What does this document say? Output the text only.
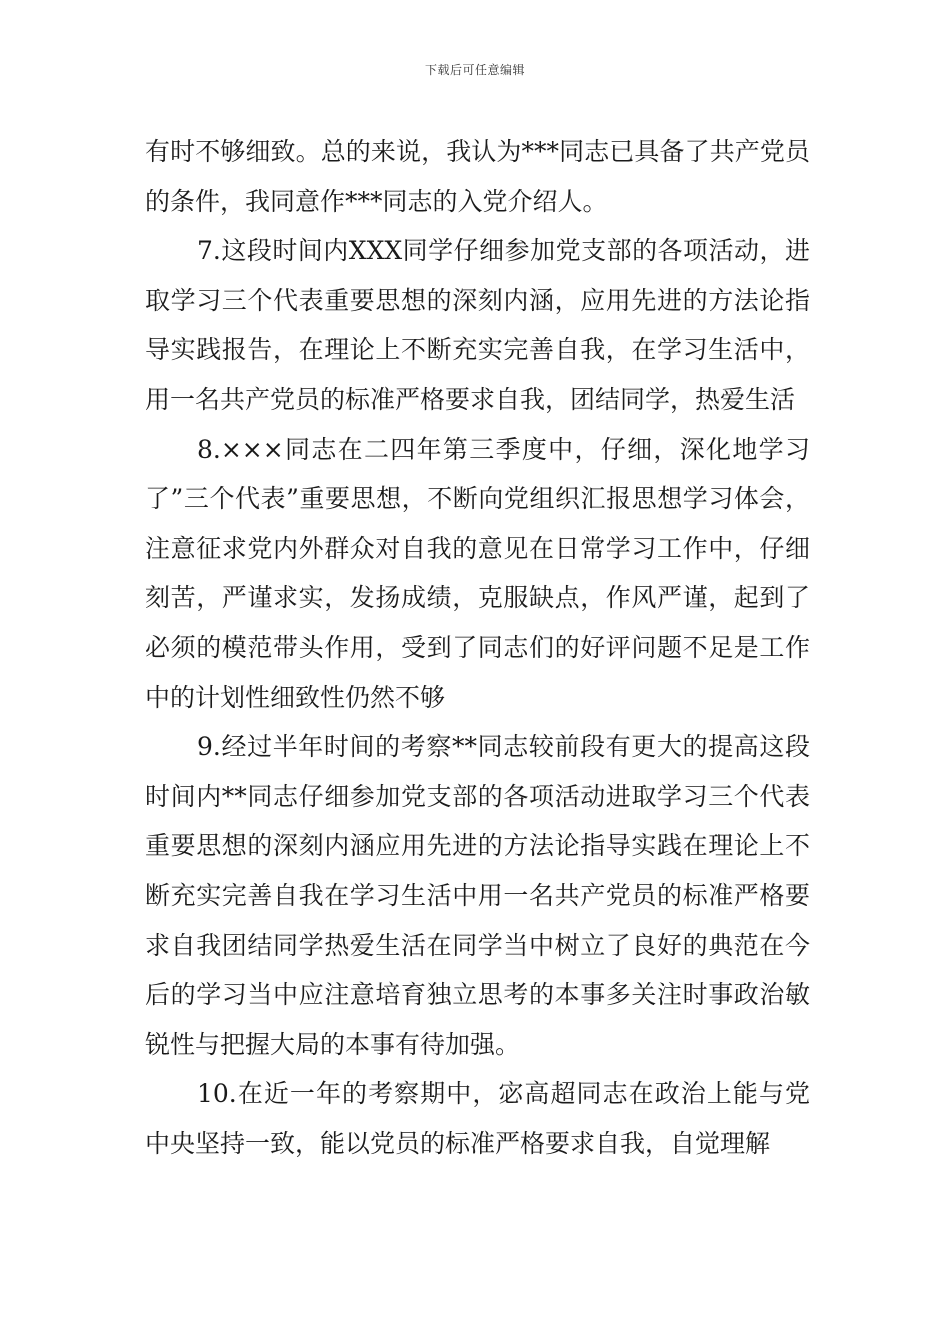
下载后可任意编辑

有时不够细致。总的来说，我认为***同志已具备了共产党员的条件，我同意作***同志的入党介绍人。

7.这段时间内XXX同学仔细参加党支部的各项活动，进取学习三个代表重要思想的深刻内涵，应用先进的方法论指导实践报告，在理论上不断充实完善自我，在学习生活中，用一名共产党员的标准严格要求自我，团结同学，热爱生活

8.×××同志在二四年第三季度中，仔细，深化地学习了”三个代表”重要思想，不断向党组织汇报思想学习体会，注意征求党内外群众对自我的意见在日常学习工作中，仔细刻苦，严谨求实，发扬成绩，克服缺点，作风严谨，起到了必须的模范带头作用，受到了同志们的好评问题不足是工作中的计划性细致性仍然不够

9.经过半年时间的考察**同志较前段有更大的提高这段时间内**同志仔细参加党支部的各项活动进取学习三个代表重要思想的深刻内涵应用先进的方法论指导实践在理论上不断充实完善自我在学习生活中用一名共产党员的标准严格要求自我团结同学热爱生活在同学当中树立了良好的典范在今后的学习当中应注意培育独立思考的本事多关注时事政治敏锐性与把握大局的本事有待加强。

10.在近一年的考察期中，宓高超同志在政治上能与党中央坚持一致，能以党员的标准严格要求自我，自觉理解
